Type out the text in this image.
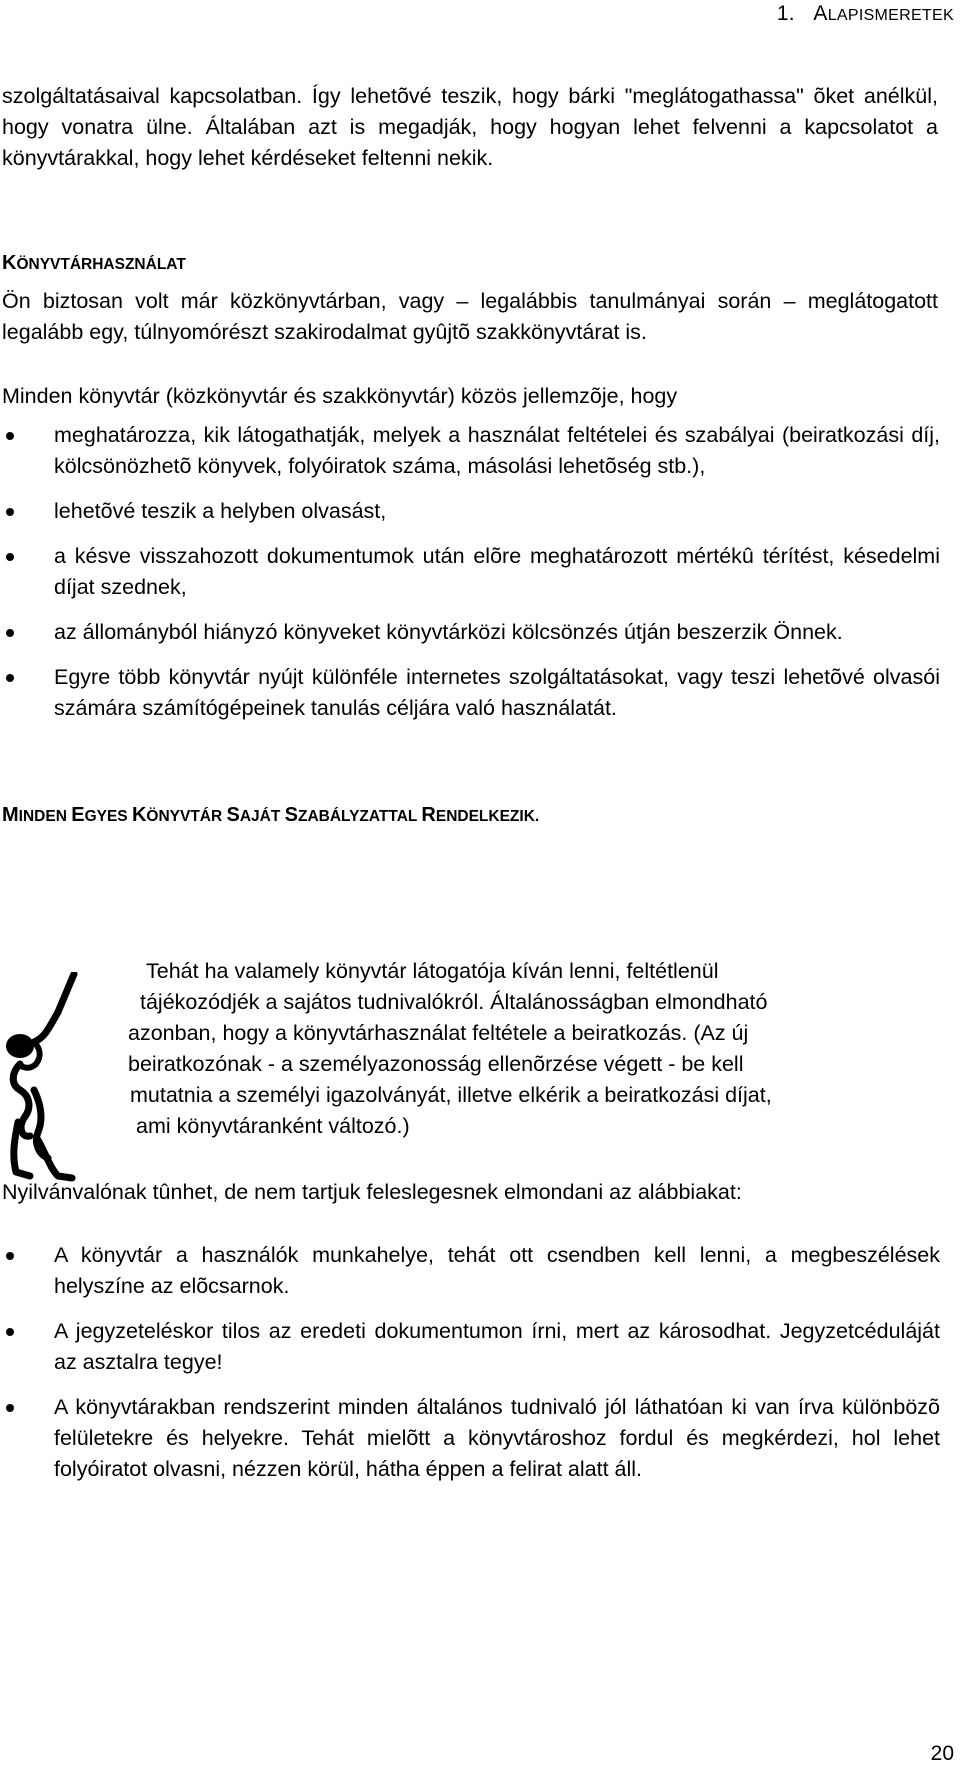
1. ALAPISMERETEK

szolgáltatásaival kapcsolatban. Így lehetõvé teszik, hogy bárki "meglátogathassa" õket anélkül, hogy vonatra ülne. Általában azt is megadják, hogy hogyan lehet felvenni a kapcsolatot a könyvtárakkal, hogy lehet kérdéseket feltenni nekik.

KÖNYVTÁRHASZNÁLAT

Ön biztosan volt már közkönyvtárban, vagy – legalábbis tanulmányai során – meglátogatott legalább egy, túlnyomórészt szakirodalmat gyûjtõ szakkönyvtárat is.

Minden könyvtár (közkönyvtár és szakkönyvtár) közös jellemzõje, hogy

meghatározza, kik látogathatják, melyek a használat feltételei és szabályai (beiratkozási díj, kölcsönözhetõ könyvek, folyóiratok száma, másolási lehetõség stb.),
lehetõvé teszik a helyben olvasást,
a késve visszahozott dokumentumok után elõre meghatározott mértékû térítést, késedelmi díjat szednek,
az állományból hiányzó könyveket könyvtárközi kölcsönzés útján beszerzik Önnek.
Egyre több könyvtár nyújt különféle internetes szolgáltatásokat, vagy teszi lehetõvé olvasói számára számítógépeinek tanulás céljára való használatát.
MINDEN EGYES KÖNYVTÁR SAJÁT SZABÁLYZATTAL RENDELKEZIK.
Tehát ha valamely könyvtár látogatója kíván lenni, feltétlenül
tájékozódjék a sajátos tudnivalókról. Általánosságban elmondható
azonban, hogy a könyvtárhasználat feltétele a beiratkozás. (Az új
beiratkozónak - a személyazonosság ellenõrzése végett - be kell
mutatnia a személyi igazolványát, illetve elkérik a beiratkozási díjat,
ami könyvtáranként változó.)

Nyilvánvalónak tûnhet, de nem tartjuk feleslegesnek elmondani az alábbiakat:

A könyvtár a használók munkahelye, tehát ott csendben kell lenni, a megbeszélések helyszíne az elõcsarnok.
A jegyzeteléskor tilos az eredeti dokumentumon írni, mert az károsodhat. Jegyzetcéduláját az asztalra tegye!
A könyvtárakban rendszerint minden általános tudnivaló jól láthatóan ki van írva különbözõ felületekre és helyekre. Tehát mielõtt a könyvtároshoz fordul és megkérdezi, hol lehet folyóiratot olvasni, nézzen körül, hátha éppen a felirat alatt áll.
20
